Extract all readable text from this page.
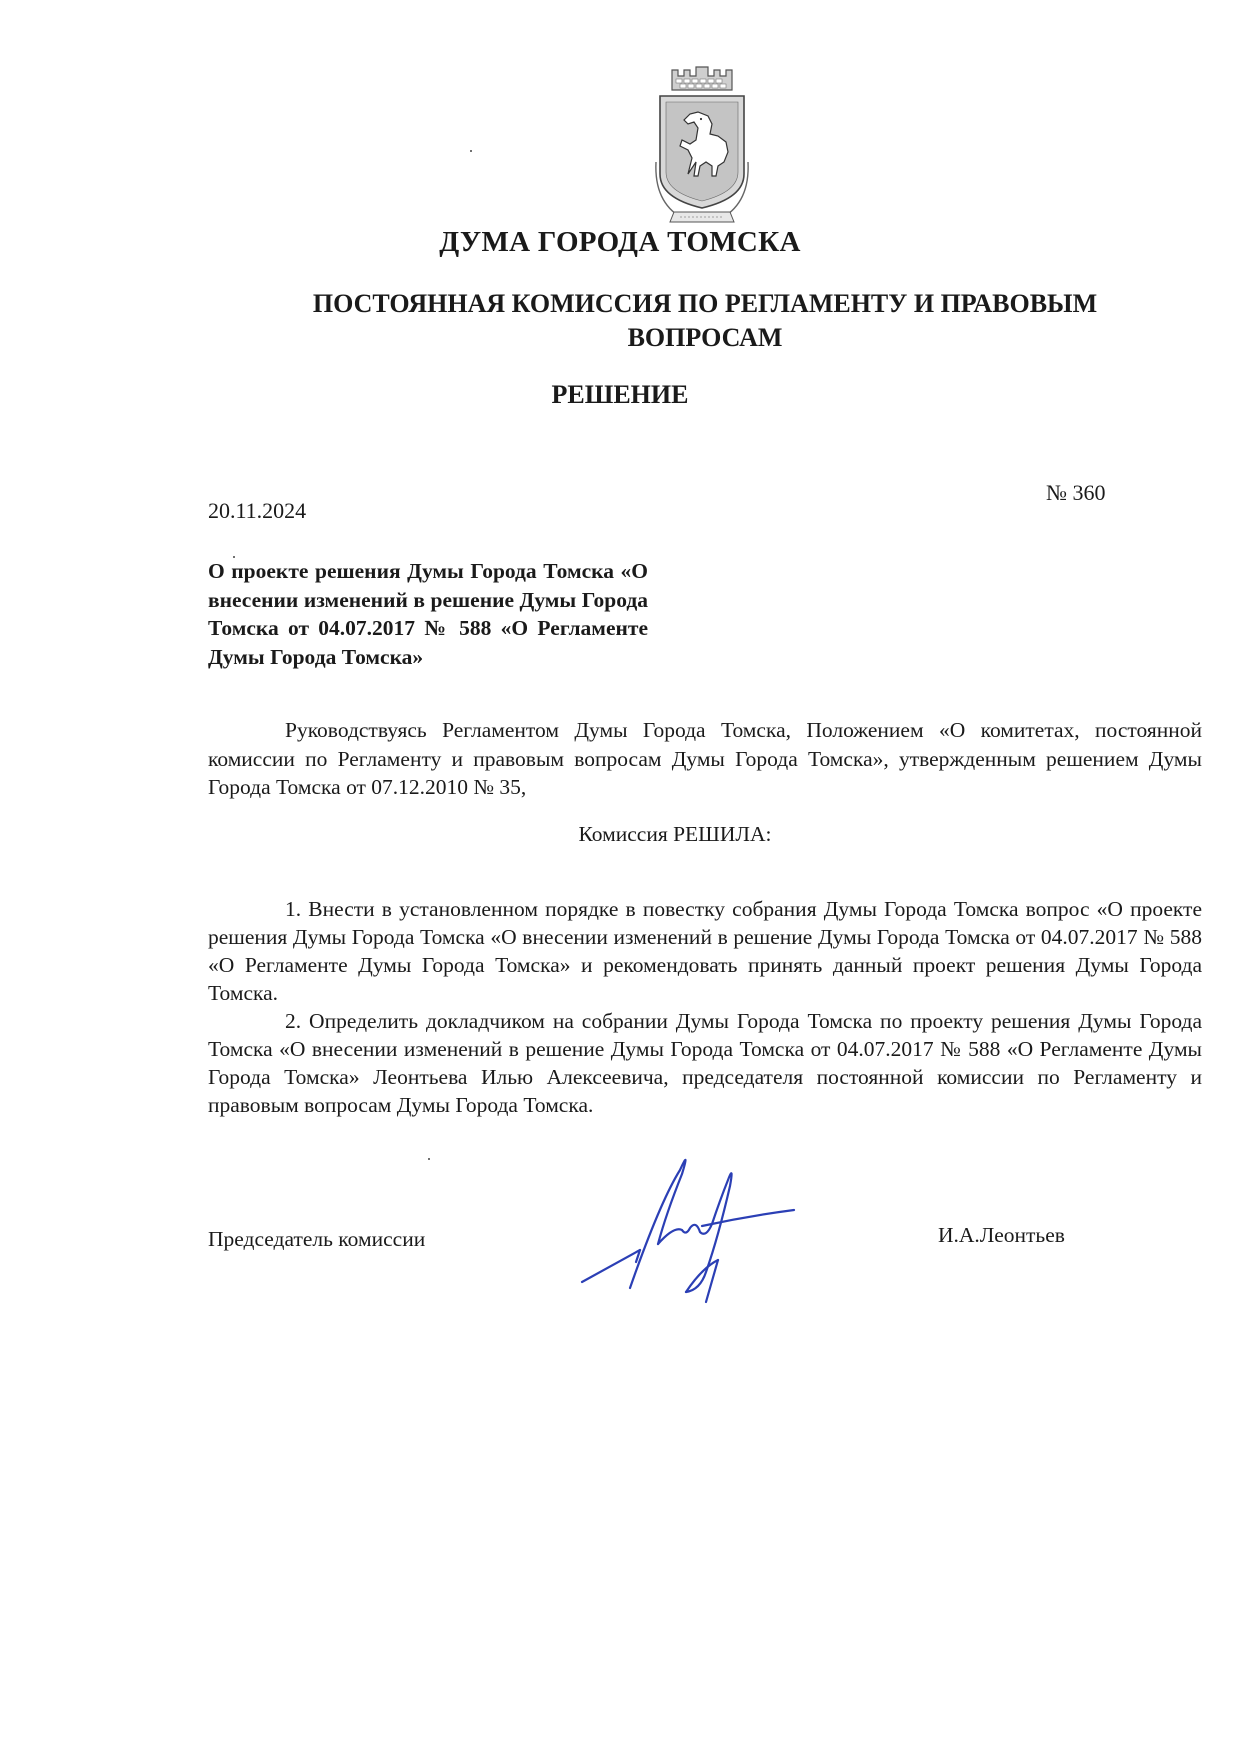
ДУМА ГОРОДА ТОМСКА
ПОСТОЯННАЯ КОМИССИЯ ПО РЕГЛАМЕНТУ И ПРАВОВЫМ
ВОПРОСАМ
РЕШЕНИЕ
20.11.2024
№ 360

О проекте решения Думы Города Томска «О внесении изменений в решение Думы Города Томска от 04.07.2017 № 588 «О Регламенте Думы Города Томска»

Руководствуясь Регламентом Думы Города Томска, Положением «О комитетах, постоянной комиссии по Регламенту и правовым вопросам Думы Города Томска», утвержденным решением Думы Города Томска от 07.12.2010 № 35,

Комиссия РЕШИЛА:

1. Внести в установленном порядке в повестку собрания Думы Города Томска вопрос «О проекте решения Думы Города Томска «О внесении изменений в решение Думы Города Томска от 04.07.2017 № 588 «О Регламенте Думы Города Томска» и рекомендовать принять данный проект решения Думы Города Томска.
2. Определить докладчиком на собрании Думы Города Томска по проекту решения Думы Города Томска «О внесении изменений в решение Думы Города Томска от 04.07.2017 № 588 «О Регламенте Думы Города Томска» Леонтьева Илью Алексеевича, председателя постоянной комиссии по Регламенту и правовым вопросам Думы Города Томска.
Председатель комиссии	И.А.Леонтьев
